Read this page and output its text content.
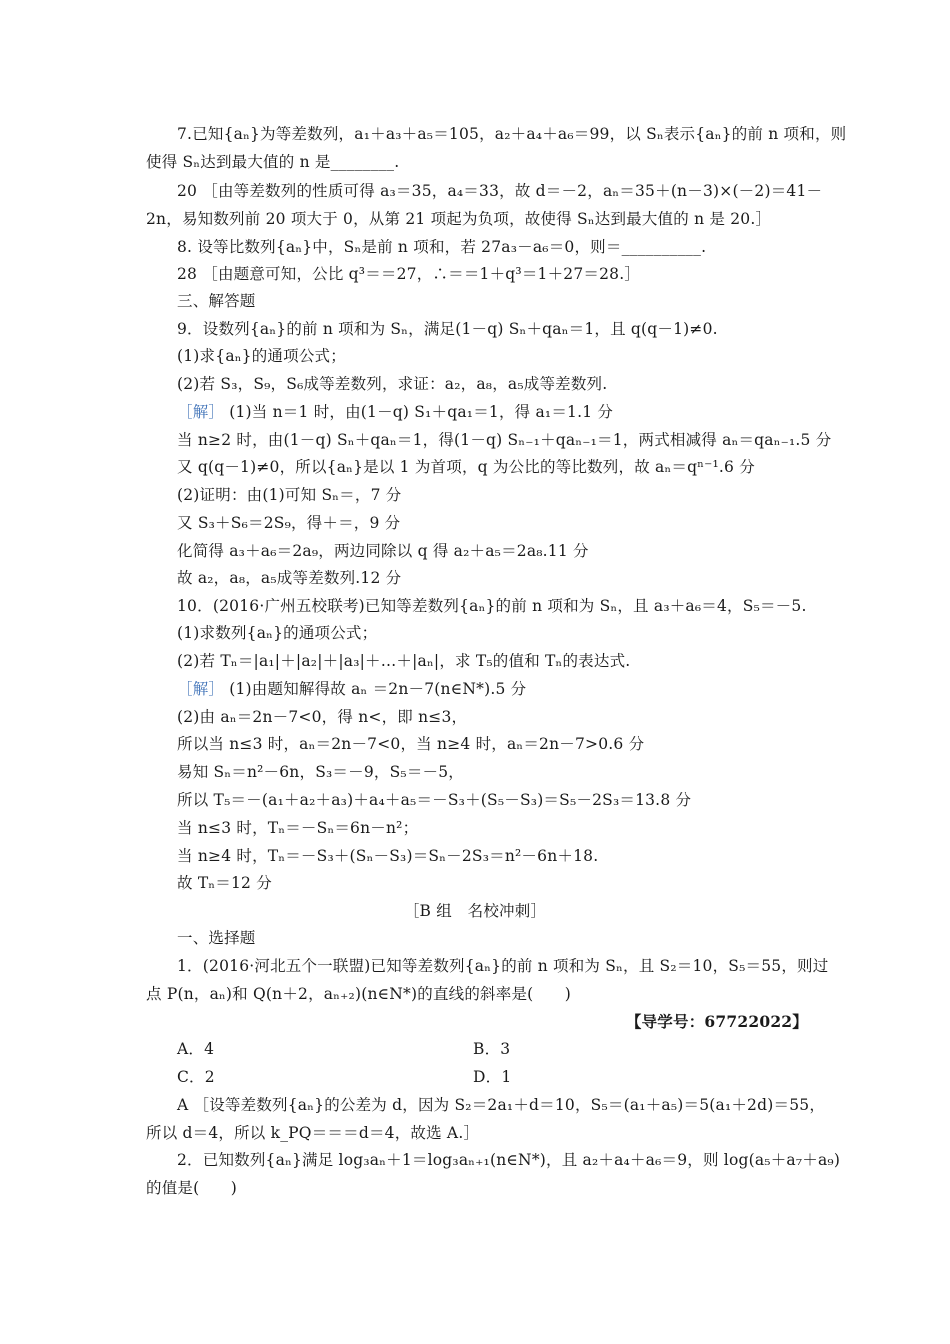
7.已知{aₙ}为等差数列，a₁＋a₃＋a₅＝105，a₂＋a₄＋a₆＝99，以 Sₙ表示{aₙ}的前 n 项和，则
使得 Sₙ达到最大值的 n 是________.
20 ［由等差数列的性质可得 a₃＝35，a₄＝33，故 d＝－2，aₙ＝35＋(n－3)×(－2)＝41－
2n，易知数列前 20 项大于 0，从第 21 项起为负项，故使得 Sₙ达到最大值的 n 是 20.］
8. 设等比数列{aₙ}中，Sₙ是前 n 项和，若 27a₃－a₆＝0，则＝__________.
28 ［由题意可知，公比 q³＝＝27，∴＝＝1＋q³＝1＋27＝28.］
三、解答题
9．设数列{aₙ}的前 n 项和为 Sₙ，满足(1－q) Sₙ＋qaₙ＝1，且 q(q－1)≠0.
(1)求{aₙ}的通项公式；
(2)若 S₃，S₉，S₆成等差数列，求证：a₂，a₈，a₅成等差数列.
［解］ (1)当 n＝1 时，由(1－q) S₁＋qa₁＝1，得 a₁＝1.1 分
当 n≥2 时，由(1－q) Sₙ＋qaₙ＝1，得(1－q) Sₙ₋₁＋qaₙ₋₁＝1，两式相减得 aₙ＝qaₙ₋₁.5 分
又 q(q－1)≠0，所以{aₙ}是以 1 为首项，q 为公比的等比数列，故 aₙ＝qⁿ⁻¹.6 分
(2)证明：由(1)可知 Sₙ＝，7 分
又 S₃＋S₆＝2S₉，得＋＝，9 分
化简得 a₃＋a₆＝2a₉，两边同除以 q 得 a₂＋a₅＝2a₈.11 分
故 a₂，a₈，a₅成等差数列.12 分
10．(2016·广州五校联考)已知等差数列{aₙ}的前 n 项和为 Sₙ，且 a₃＋a₆＝4，S₅＝－5.
(1)求数列{aₙ}的通项公式；
(2)若 Tₙ＝|a₁|＋|a₂|＋|a₃|＋…＋|aₙ|，求 T₅的值和 Tₙ的表达式.
［解］ (1)由题知解得故 aₙ ＝2n－7(n∈N*).5 分
(2)由 aₙ＝2n－7<0，得 n<，即 n≤3，
所以当 n≤3 时，aₙ＝2n－7<0，当 n≥4 时，aₙ＝2n－7>0.6 分
易知 Sₙ＝n²－6n，S₃＝－9，S₅＝－5，
所以 T₅＝－(a₁＋a₂＋a₃)＋a₄＋a₅＝－S₃＋(S₅－S₃)＝S₅－2S₃＝13.8 分
当 n≤3 时，Tₙ＝－Sₙ＝6n－n²；
当 n≥4 时，Tₙ＝－S₃＋(Sₙ－S₃)＝Sₙ－2S₃＝n²－6n＋18.
故 Tₙ＝12 分
［B 组　名校冲刺］
一、选择题
1．(2016·河北五个一联盟)已知等差数列{aₙ}的前 n 项和为 Sₙ，且 S₂＝10，S₅＝55，则过
点 P(n，aₙ)和 Q(n＋2，aₙ₊₂)(n∈N*)的直线的斜率是(　　)
【导学号：67722022】
A．4	B．3
C．2	D．1
A ［设等差数列{aₙ}的公差为 d，因为 S₂＝2a₁＋d＝10，S₅＝(a₁＋a₅)＝5(a₁＋2d)＝55，
所以 d＝4，所以 k_PQ＝＝＝d＝4，故选 A.］
2．已知数列{aₙ}满足 log₃aₙ＋1＝log₃aₙ₊₁(n∈N*)，且 a₂＋a₄＋a₆＝9，则 log(a₅＋a₇＋a₉)
的值是(　　)
